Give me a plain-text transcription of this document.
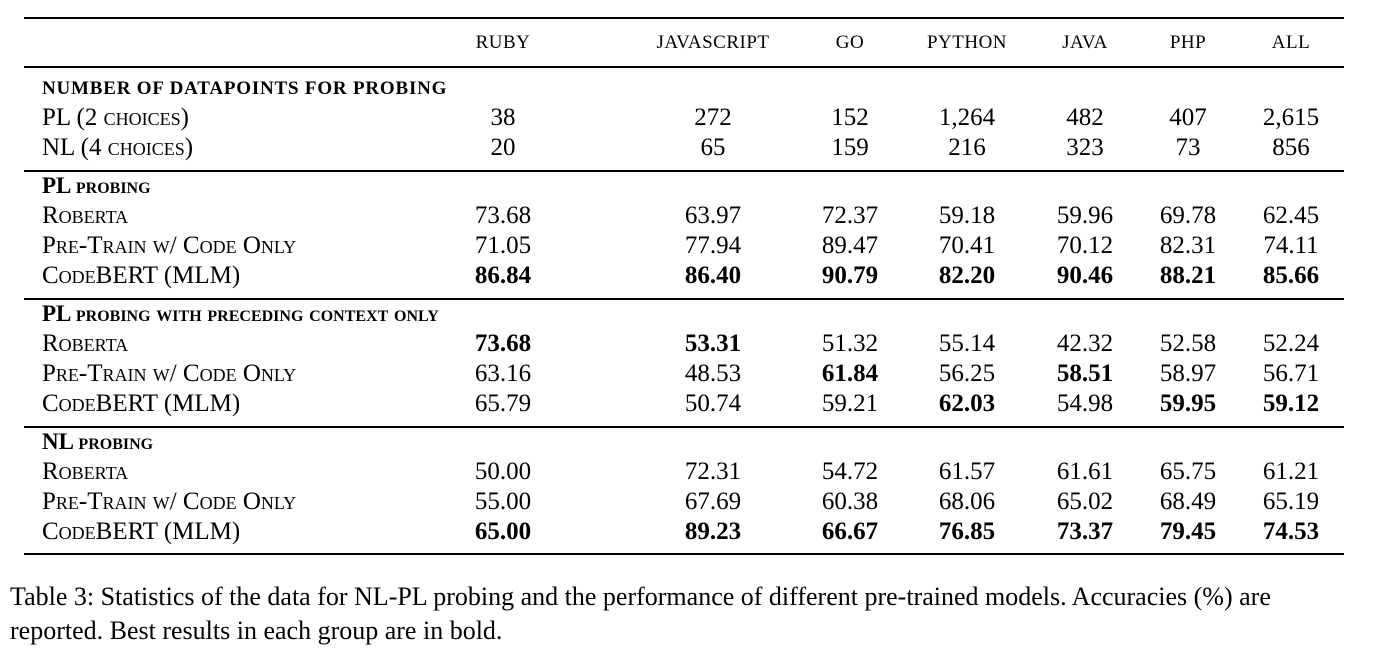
RUBY	JAVASCRIPT	GO	PYTHON	JAVA	PHP	ALL
NUMBER OF DATAPOINTS FOR PROBING
PL (2 choices)	38	272	152	1,264	482	407 2,615
NL (4 choices)	20	65	159	216	323	73	856
PL probing
Roberta	73.68	63.97	72.37 59.18 59.96 69.78 62.45
Pre-Train w/ Code Only	71.05	77.94	89.47 70.41 70.12 82.31 74.11
CodeBERT (MLM)	86.84	86.40	90.79 82.20 90.46 88.21 85.66
PL probing with preceding context only
Roberta	73.68	53.31	51.32 55.14 42.32 52.58 52.24
Pre-Train w/ Code Only	63.16	48.53	61.84 56.25 58.51 58.97 56.71
CodeBERT (MLM)	65.79	50.74	59.21 62.03 54.98 59.95 59.12
NL probing
Roberta	50.00	72.31	54.72 61.57 61.61 65.75 61.21
Pre-Train w/ Code Only	55.00	67.69	60.38 68.06 65.02 68.49 65.19
CodeBERT (MLM)	65.00	89.23	66.67 76.85 73.37 79.45 74.53
Table 3: Statistics of the data for NL-PL probing and the performance of different pre-trained models. Accuracies (%) are reported. Best results in each group are in bold.
